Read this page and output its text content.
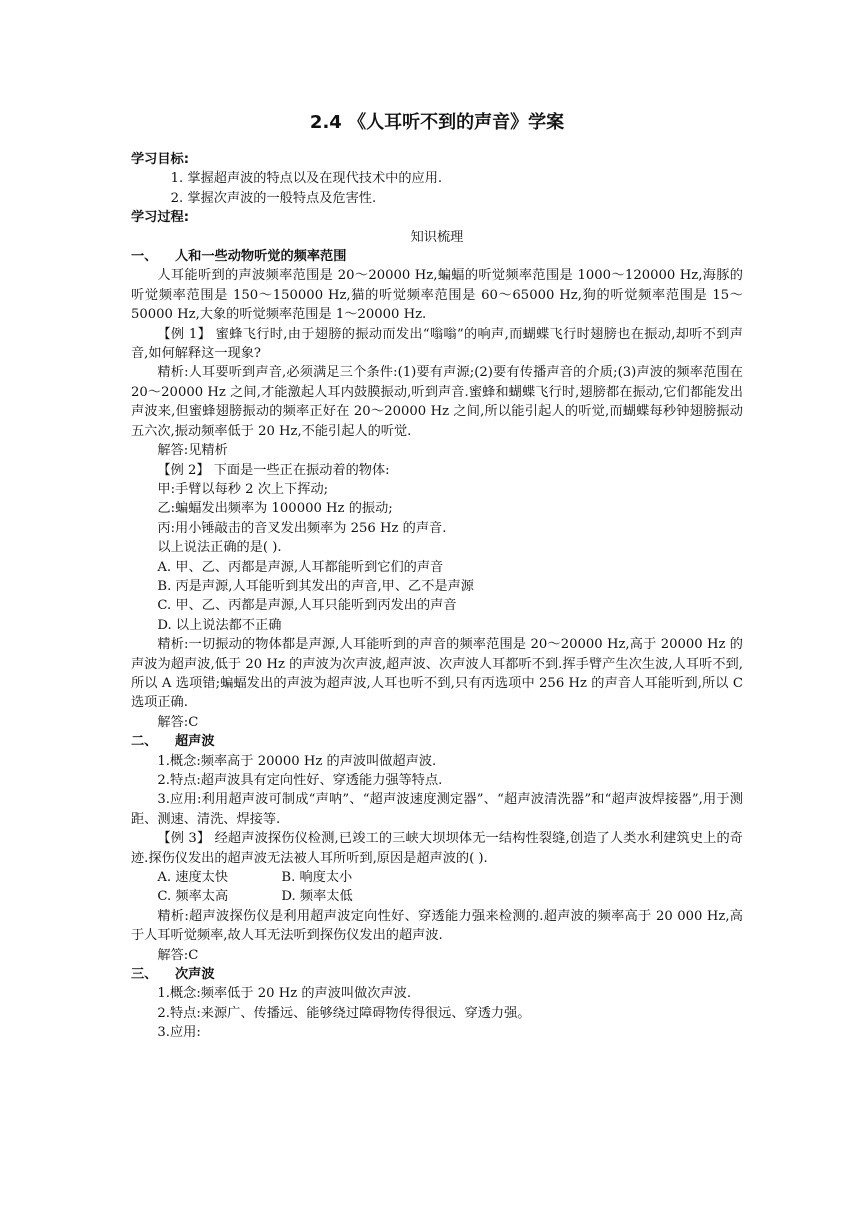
2.4 《人耳听不到的声音》学案

学习目标:

1. 掌握超声波的特点以及在现代技术中的应用.

2. 掌握次声波的一般特点及危害性.

学习过程:

知识梳理

一、	人和一些动物听觉的频率范围

人耳能听到的声波频率范围是 20～20000 Hz,蝙蝠的听觉频率范围是 1000～120000 Hz,海豚的听觉频率范围是 150～150000 Hz,猫的听觉频率范围是 60～65000 Hz,狗的听觉频率范围是 15～50000 Hz,大象的听觉频率范围是 1～20000 Hz.

【例 1】 蜜蜂飞行时,由于翅膀的振动而发出“嗡嗡”的响声,而蝴蝶飞行时翅膀也在振动,却听不到声音,如何解释这一现象?

精析:人耳要听到声音,必须满足三个条件:(1)要有声源;(2)要有传播声音的介质;(3)声波的频率范围在 20～20000 Hz 之间,才能激起人耳内鼓膜振动,听到声音.蜜蜂和蝴蝶飞行时,翅膀都在振动,它们都能发出声波来,但蜜蜂翅膀振动的频率正好在 20～20000 Hz 之间,所以能引起人的听觉,而蝴蝶每秒钟翅膀振动五六次,振动频率低于 20 Hz,不能引起人的听觉.

解答:见精析

【例 2】 下面是一些正在振动着的物体:

甲:手臂以每秒 2 次上下挥动;

乙:蝙蝠发出频率为 100000 Hz 的振动;

丙:用小锤敲击的音叉发出频率为 256 Hz 的声音.

以上说法正确的是( ).

A. 甲、乙、丙都是声源,人耳都能听到它们的声音

B. 丙是声源,人耳能听到其发出的声音,甲、乙不是声源

C. 甲、乙、丙都是声源,人耳只能听到丙发出的声音

D. 以上说法都不正确

精析:一切振动的物体都是声源,人耳能听到的声音的频率范围是 20～20000 Hz,高于 20000 Hz 的声波为超声波,低于 20 Hz 的声波为次声波,超声波、次声波人耳都听不到.挥手臂产生次生波,人耳听不到,所以 A 选项错;蝙蝠发出的声波为超声波,人耳也听不到,只有丙选项中 256 Hz 的声音人耳能听到,所以 C 选项正确.

解答:C

二、	超声波

1.概念:频率高于 20000 Hz 的声波叫做超声波.

2.特点:超声波具有定向性好、穿透能力强等特点.

3.应用:利用超声波可制成“声呐”、“超声波速度测定器”、“超声波清洗器”和“超声波焊接器”,用于测距、测速、清洗、焊接等.

【例 3】 经超声波探伤仪检测,已竣工的三峡大坝坝体无一结构性裂缝,创造了人类水利建筑史上的奇迹.探伤仪发出的超声波无法被人耳所听到,原因是超声波的( ).

A. 速度太快	B. 响度太小
C. 频率太高	D. 频率太低

精析:超声波探伤仪是利用超声波定向性好、穿透能力强来检测的.超声波的频率高于 20 000 Hz,高于人耳听觉频率,故人耳无法听到探伤仪发出的超声波.

解答:C

三、	次声波

1.概念:频率低于 20 Hz 的声波叫做次声波.

2.特点:来源广、传播远、能够绕过障碍物传得很远、穿透力强。

3.应用:
